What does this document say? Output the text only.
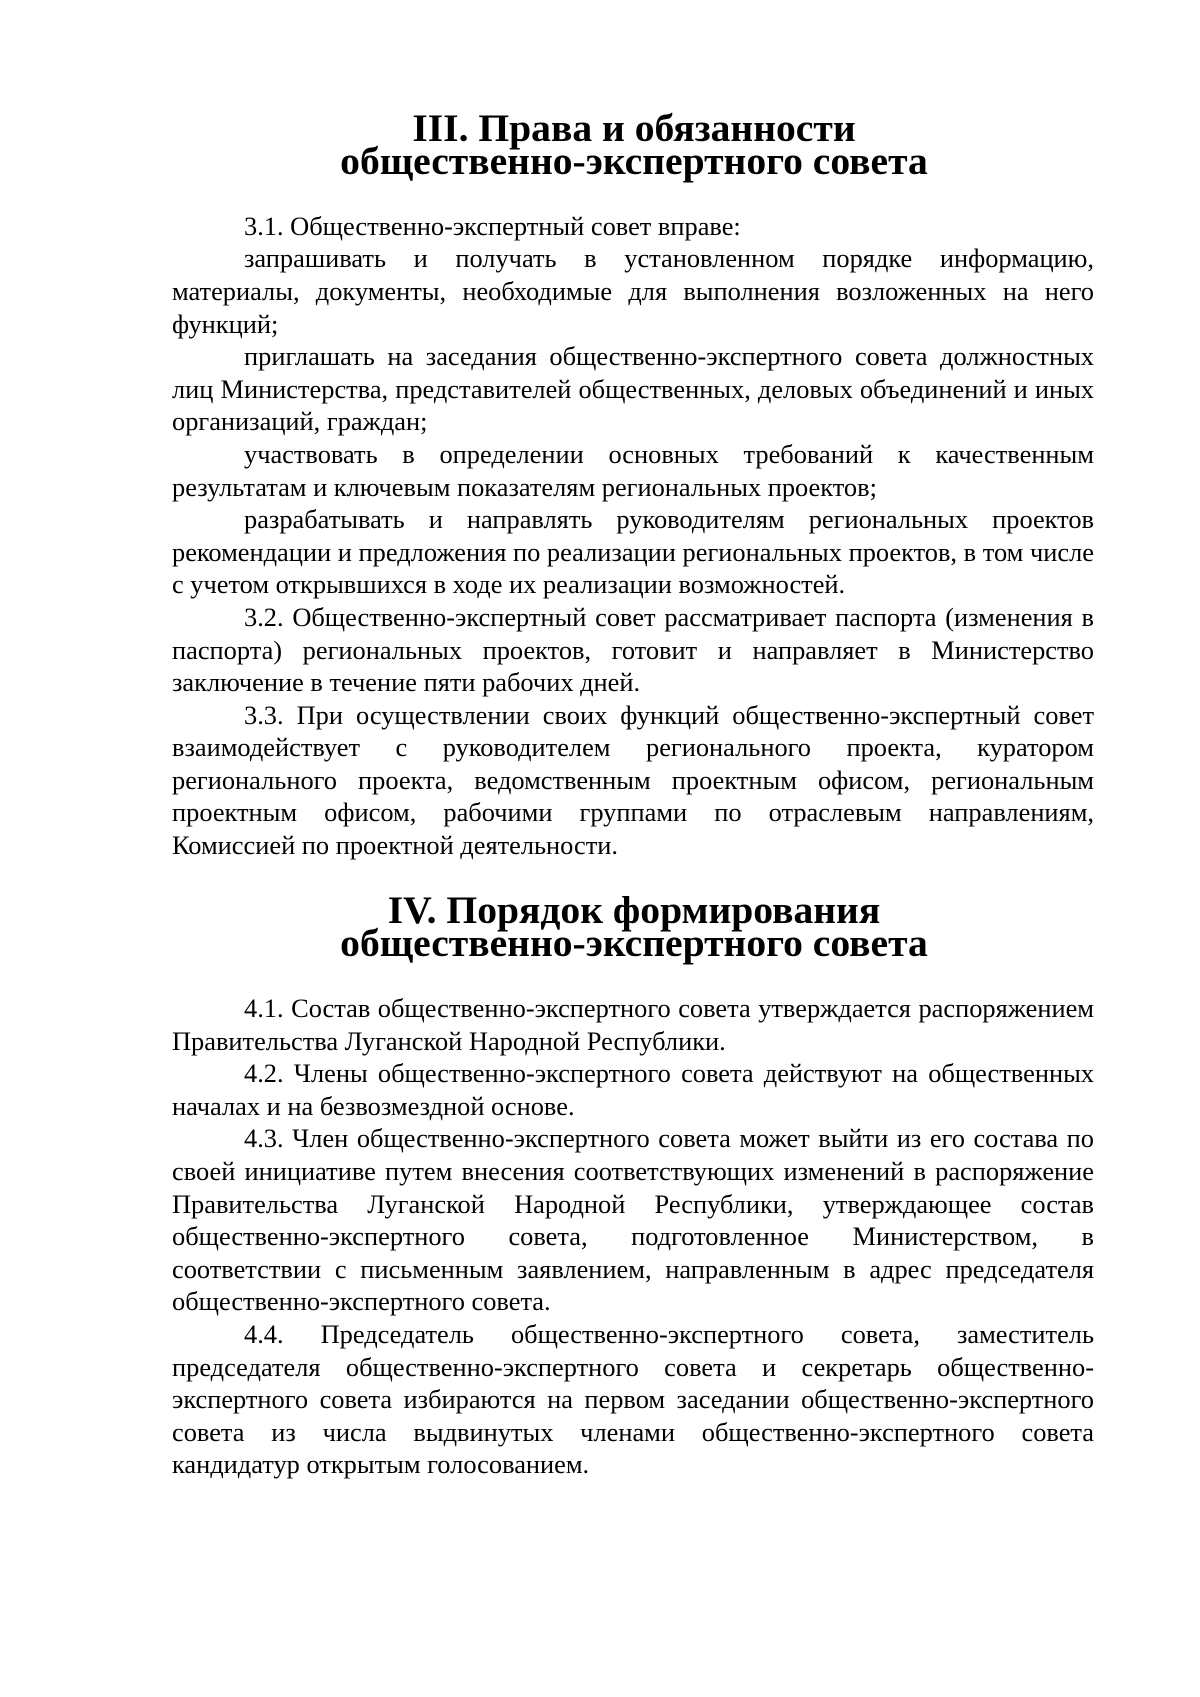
III. Права и обязанности
общественно-экспертного совета

3.1. Общественно-экспертный совет вправе:

запрашивать и получать в установленном порядке информацию, материалы, документы, необходимые для выполнения возложенных на него функций;

приглашать на заседания общественно-экспертного совета должностных лиц Министерства, представителей общественных, деловых объединений и иных организаций, граждан;

участвовать в определении основных требований к качественным результатам и ключевым показателям региональных проектов;

разрабатывать и направлять руководителям региональных проектов рекомендации и предложения по реализации региональных проектов, в том числе с учетом открывшихся в ходе их реализации возможностей.

3.2. Общественно-экспертный совет рассматривает паспорта (изменения в паспорта) региональных проектов, готовит и направляет в Министерство заключение в течение пяти рабочих дней.

3.3. При осуществлении своих функций общественно-экспертный совет взаимодействует с руководителем регионального проекта, куратором регионального проекта, ведомственным проектным офисом, региональным проектным офисом, рабочими группами по отраслевым направлениям, Комиссией по проектной деятельности.

IV. Порядок формирования
общественно-экспертного совета

4.1. Состав общественно-экспертного совета утверждается распоряжением Правительства Луганской Народной Республики.

4.2. Члены общественно-экспертного совета действуют на общественных началах и на безвозмездной основе.

4.3. Член общественно-экспертного совета может выйти из его состава по своей инициативе путем внесения соответствующих изменений в распоряжение Правительства Луганской Народной Республики, утверждающее состав общественно-экспертного совета, подготовленное Министерством, в соответствии с письменным заявлением, направленным в адрес председателя общественно-экспертного совета.

4.4. Председатель общественно-экспертного совета, заместитель председателя общественно-экспертного совета и секретарь общественно-экспертного совета избираются на первом заседании общественно-экспертного совета из числа выдвинутых членами общественно-экспертного совета кандидатур открытым голосованием.
